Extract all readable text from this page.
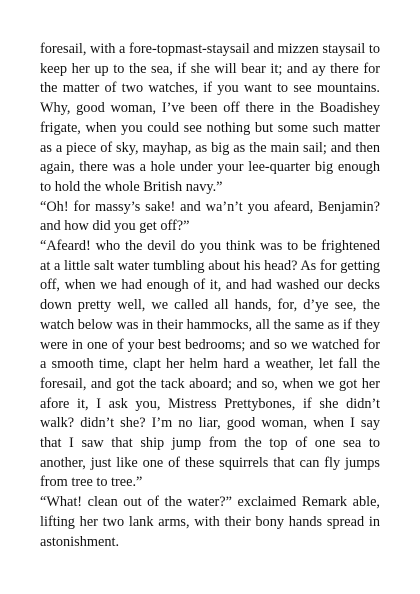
foresail, with a fore-topmast-staysail and mizzen staysail to keep her up to the sea, if she will bear it; and ay there for the matter of two watches, if you want to see mountains. Why, good woman, I’ve been off there in the Boadishey frigate, when you could see nothing but some such matter as a piece of sky, mayhap, as big as the main sail; and then again, there was a hole under your lee-quarter big enough to hold the whole British navy.”

“Oh! for massy’s sake! and wa’n’t you afeard, Benjamin? and how did you get off?”

“Afeard! who the devil do you think was to be frightened at a little salt water tumbling about his head? As for getting off, when we had enough of it, and had washed our decks down pretty well, we called all hands, for, d’ye see, the watch below was in their hammocks, all the same as if they were in one of your best bedrooms; and so we watched for a smooth time, clapt her helm hard a weather, let fall the foresail, and got the tack aboard; and so, when we got her afore it, I ask you, Mistress Prettybones, if she didn’t walk? didn’t she? I’m no liar, good woman, when I say that I saw that ship jump from the top of one sea to another, just like one of these squirrels that can fly jumps from tree to tree.”

“What! clean out of the water?” exclaimed Remark able, lifting her two lank arms, with their bony hands spread in astonishment.
